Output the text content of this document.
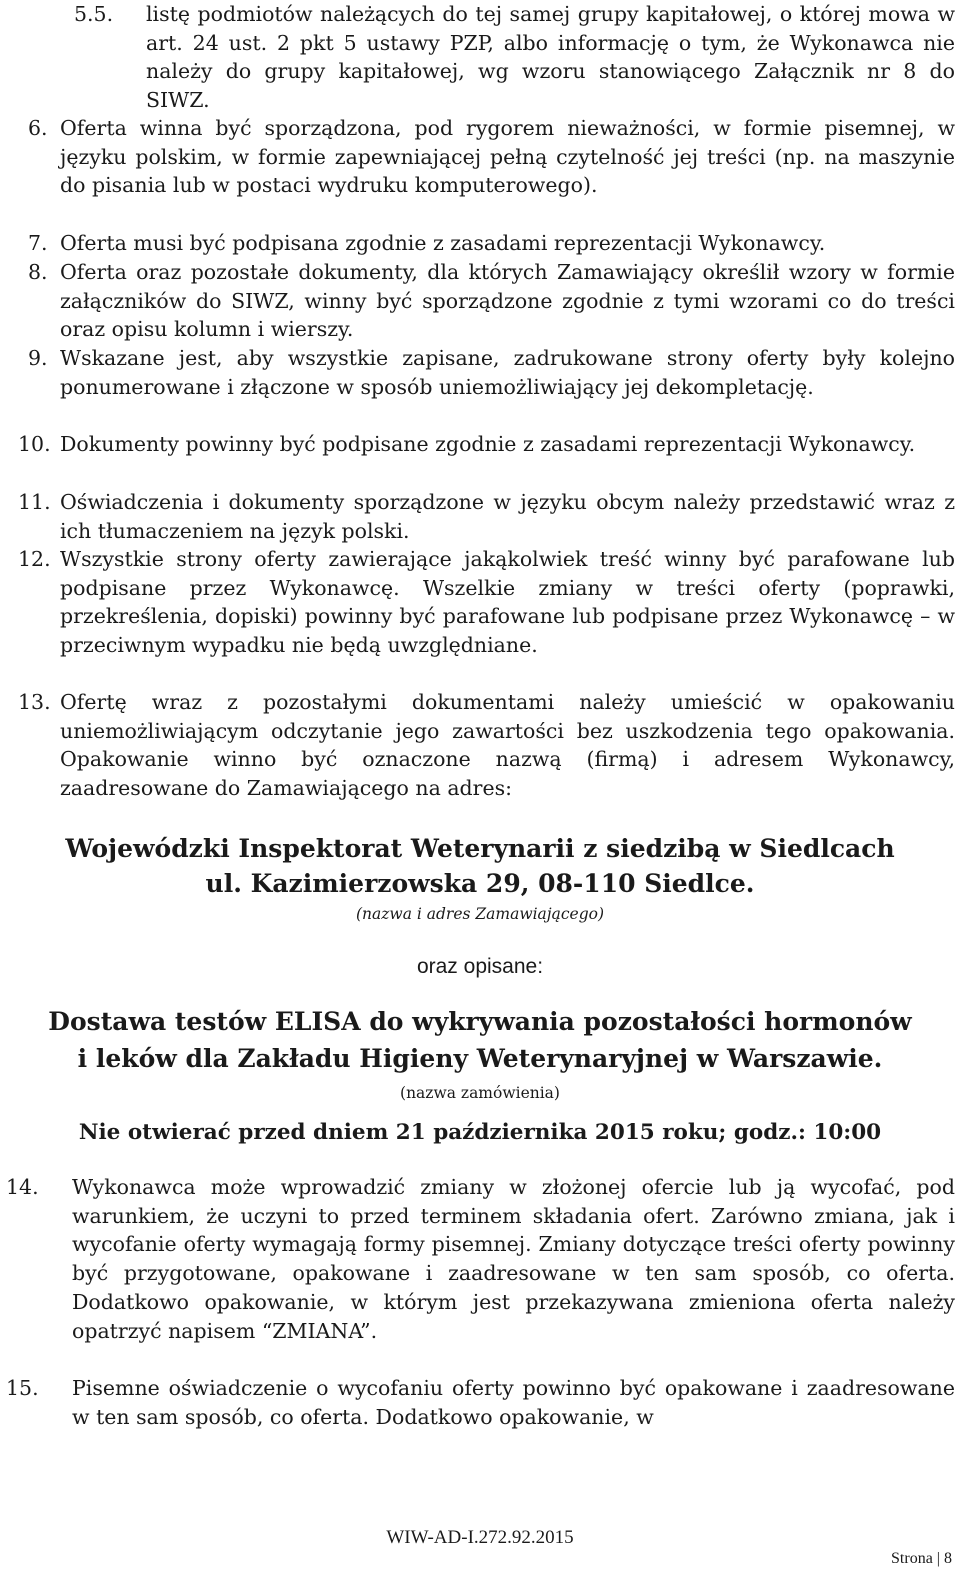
5.5. listę podmiotów należących do tej samej grupy kapitałowej, o której mowa w art. 24 ust. 2 pkt 5 ustawy PZP, albo informację o tym, że Wykonawca nie należy do grupy kapitałowej, wg wzoru stanowiącego Załącznik nr 8 do SIWZ.
6. Oferta winna być sporządzona, pod rygorem nieważności, w formie pisemnej, w języku polskim, w formie zapewniającej pełną czytelność jej treści (np. na maszynie do pisania lub w postaci wydruku komputerowego).
7. Oferta musi być podpisana zgodnie z zasadami reprezentacji Wykonawcy.
8. Oferta oraz pozostałe dokumenty, dla których Zamawiający określił wzory w formie załączników do SIWZ, winny być sporządzone zgodnie z tymi wzorami co do treści oraz opisu kolumn i wierszy.
9. Wskazane jest, aby wszystkie zapisane, zadrukowane strony oferty były kolejno ponumerowane i złączone w sposób uniemożliwiający jej dekompletację.
10. Dokumenty powinny być podpisane zgodnie z zasadami reprezentacji Wykonawcy.
11. Oświadczenia i dokumenty sporządzone w języku obcym należy przedstawić wraz z ich tłumaczeniem na język polski.
12. Wszystkie strony oferty zawierające jakąkolwiek treść winny być parafowane lub podpisane przez Wykonawcę. Wszelkie zmiany w treści oferty (poprawki, przekreślenia, dopiski) powinny być parafowane lub podpisane przez Wykonawcę – w przeciwnym wypadku nie będą uwzględniane.
13. Ofertę wraz z pozostałymi dokumentami należy umieścić w opakowaniu uniemożliwiającym odczytanie jego zawartości bez uszkodzenia tego opakowania. Opakowanie winno być oznaczone nazwą (firmą) i adresem Wykonawcy, zaadresowane do Zamawiającego na adres:
Wojewódzki Inspektorat Weterynarii z siedzibą w Siedlcach
ul. Kazimierzowska 29, 08-110 Siedlce.
(nazwa i adres Zamawiającego)
oraz opisane:
Dostawa testów ELISA do wykrywania pozostałości hormonów
i leków dla Zakładu Higieny Weterynaryjnej w Warszawie.
(nazwa zamówienia)
Nie otwierać przed dniem 21 października 2015 roku; godz.: 10:00
14. Wykonawca może wprowadzić zmiany w złożonej ofercie lub ją wycofać, pod warunkiem, że uczyni to przed terminem składania ofert. Zarówno zmiana, jak i wycofanie oferty wymagają formy pisemnej. Zmiany dotyczące treści oferty powinny być przygotowane, opakowane i zaadresowane w ten sam sposób, co oferta. Dodatkowo opakowanie, w którym jest przekazywana zmieniona oferta należy opatrzyć napisem “ZMIANA”.
15. Pisemne oświadczenie o wycofaniu oferty powinno być opakowane i zaadresowane w ten sam sposób, co oferta. Dodatkowo opakowanie, w
WIW-AD-I.272.92.2015
Strona | 8
